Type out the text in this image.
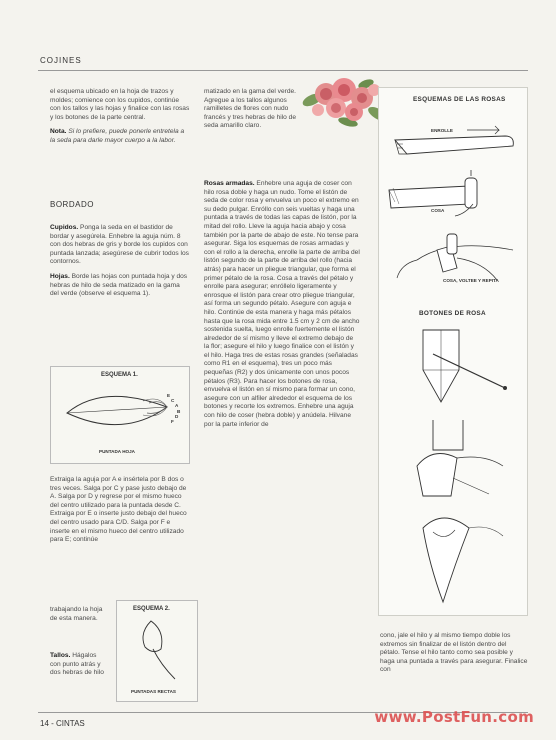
COJINES

el esquema ubicado en la hoja de trazos y moldes; comience con los cupidos, continúe con los tallos y las hojas y finalice con las rosas y los botones de la parte central.

Nota. Si lo prefiere, puede ponerle entretela a la seda para darle mayor cuerpo a la labor.

BORDADO

Cupidos. Ponga la seda en el bastidor de bordar y asegúrela. Enhebre la aguja núm. 8 con dos hebras de gris y borde los cupidos con puntada lanzada; asegúrese de cubrir todos los contornos.

Hojas. Borde las hojas con puntada hoja y dos hebras de hilo de seda matizado en la gama del verde (observe el esquema 1).

ESQUEMA 1.
E
C
A
B
D
F
PUNTADA HOJA
Extraiga la aguja por A e insértela por B dos o tres veces. Salga por C y pase justo debajo de A. Salga por D y regrese por el mismo hueco del centro utilizado para la puntada desde C. Extraiga por E o inserte justo debajo del hueco del centro usado para C/D. Salga por F e inserte en el mismo hueco del centro utilizado para E; continúe
trabajando la hoja de esta manera.
Tallos. Hágalos con punto atrás y dos hebras de hilo
ESQUEMA 2.
PUNTADAS RECTAS
matizado en la gama del verde. Agregue a los tallos algunos ramilletes de flores con nudo francés y tres hebras de hilo de seda amarillo claro.
Rosas armadas. Enhebre una aguja de coser con hilo rosa doble y haga un nudo. Tome el listón de seda de color rosa y envuelva un poco el extremo en su dedo pulgar. Enróllo con seis vueltas y haga una puntada a través de todas las capas de listón, por la mitad del rollo. Lleve la aguja hacia abajo y cosa también por la parte de abajo de este. No tense para asegurar. Siga los esquemas de rosas armadas y con el rollo a la derecha, enrolle la parte de arriba del listón segundo de la parte de arriba del rollo (hacia atrás) para hacer un pliegue triangular, que forma el primer pétalo de la rosa. Cosa a través del pétalo y enrolle para asegurar; enróllelo ligeramente y enrosque el listón para crear otro pliegue triangular, así forma un segundo pétalo. Asegure con aguja e hilo. Continúe de esta manera y haga más pétalos hasta que la rosa mida entre 1.5 cm y 2 cm de ancho sostenida suelta, luego enrolle fuertemente el listón alrededor de sí mismo y lleve el extremo debajo de la flor; asegure el hilo y luego finalice con el listón y el hilo. Haga tres de estas rosas grandes (señaladas como R1 en el esquema), tres un poco más pequeñas (R2) y dos únicamente con unos pocos pétalos (R3). Para hacer los botones de rosa, envuelva el listón en sí mismo para formar un cono, asegure con un alfiler alrededor el esquema de los botones y recorte los extremos. Enhebre una aguja con hilo de coser (hebra doble) y anúdela. Hilvane por la parte inferior de
ESQUEMAS DE LAS ROSAS
ENROLLE
COSA
COSA, VOLTEE Y REPITA
BOTONES DE ROSA
cono, jale el hilo y al mismo tiempo doble los extremos sin finalizar de el listón dentro del pétalo. Tense el hilo tanto como sea posible y haga una puntada a través para asegurar. Finalice con
14 - CINTAS	www.PostFun.com
